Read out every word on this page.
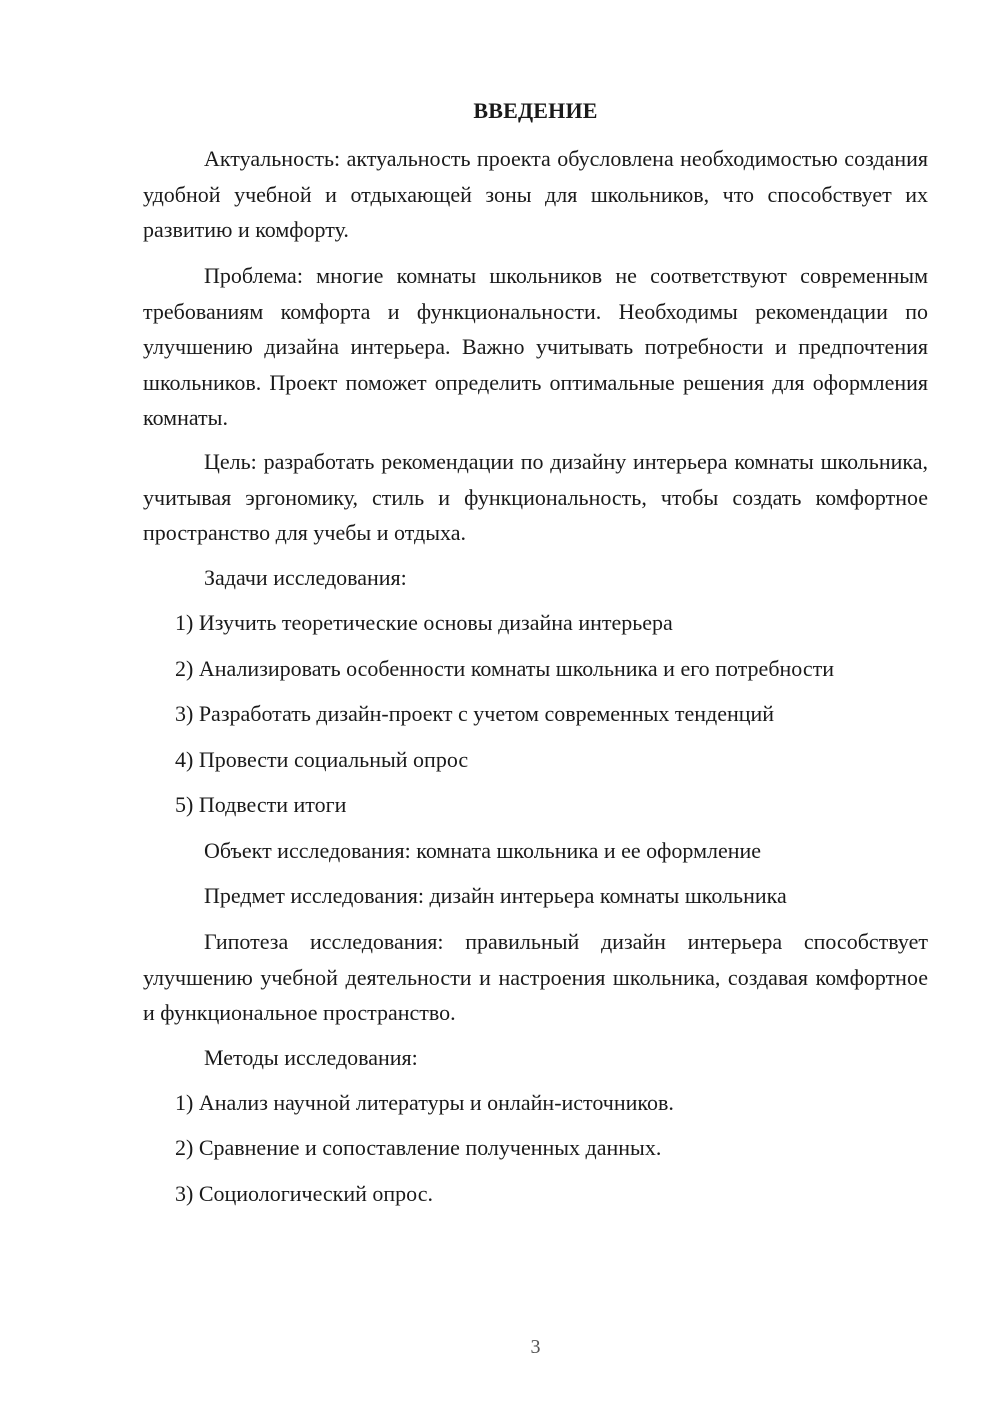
ВВЕДЕНИЕ

Актуальность: актуальность проекта обусловлена необходимостью создания удобной учебной и отдыхающей зоны для школьников, что способствует их развитию и комфорту.

Проблема: многие комнаты школьников не соответствуют современным требованиям комфорта и функциональности. Необходимы рекомендации по улучшению дизайна интерьера. Важно учитывать потребности и предпочтения школьников. Проект поможет определить оптимальные решения для оформления комнаты.

Цель: разработать рекомендации по дизайну интерьера комнаты школьника, учитывая эргономику, стиль и функциональность, чтобы создать комфортное пространство для учебы и отдыха.

Задачи исследования:
1) Изучить теоретические основы дизайна интерьера
2) Анализировать особенности комнаты школьника и его потребности
3) Разработать дизайн-проект с учетом современных тенденций
4) Провести социальный опрос
5) Подвести итоги
Объект исследования: комната школьника и ее оформление
Предмет исследования: дизайн интерьера комнаты школьника

Гипотеза исследования: правильный дизайн интерьера способствует улучшению учебной деятельности и настроения школьника, создавая комфортное и функциональное пространство.

Методы исследования:
1) Анализ научной литературы и онлайн-источников.
2) Сравнение и сопоставление полученных данных.
3) Социологический опрос.
3
